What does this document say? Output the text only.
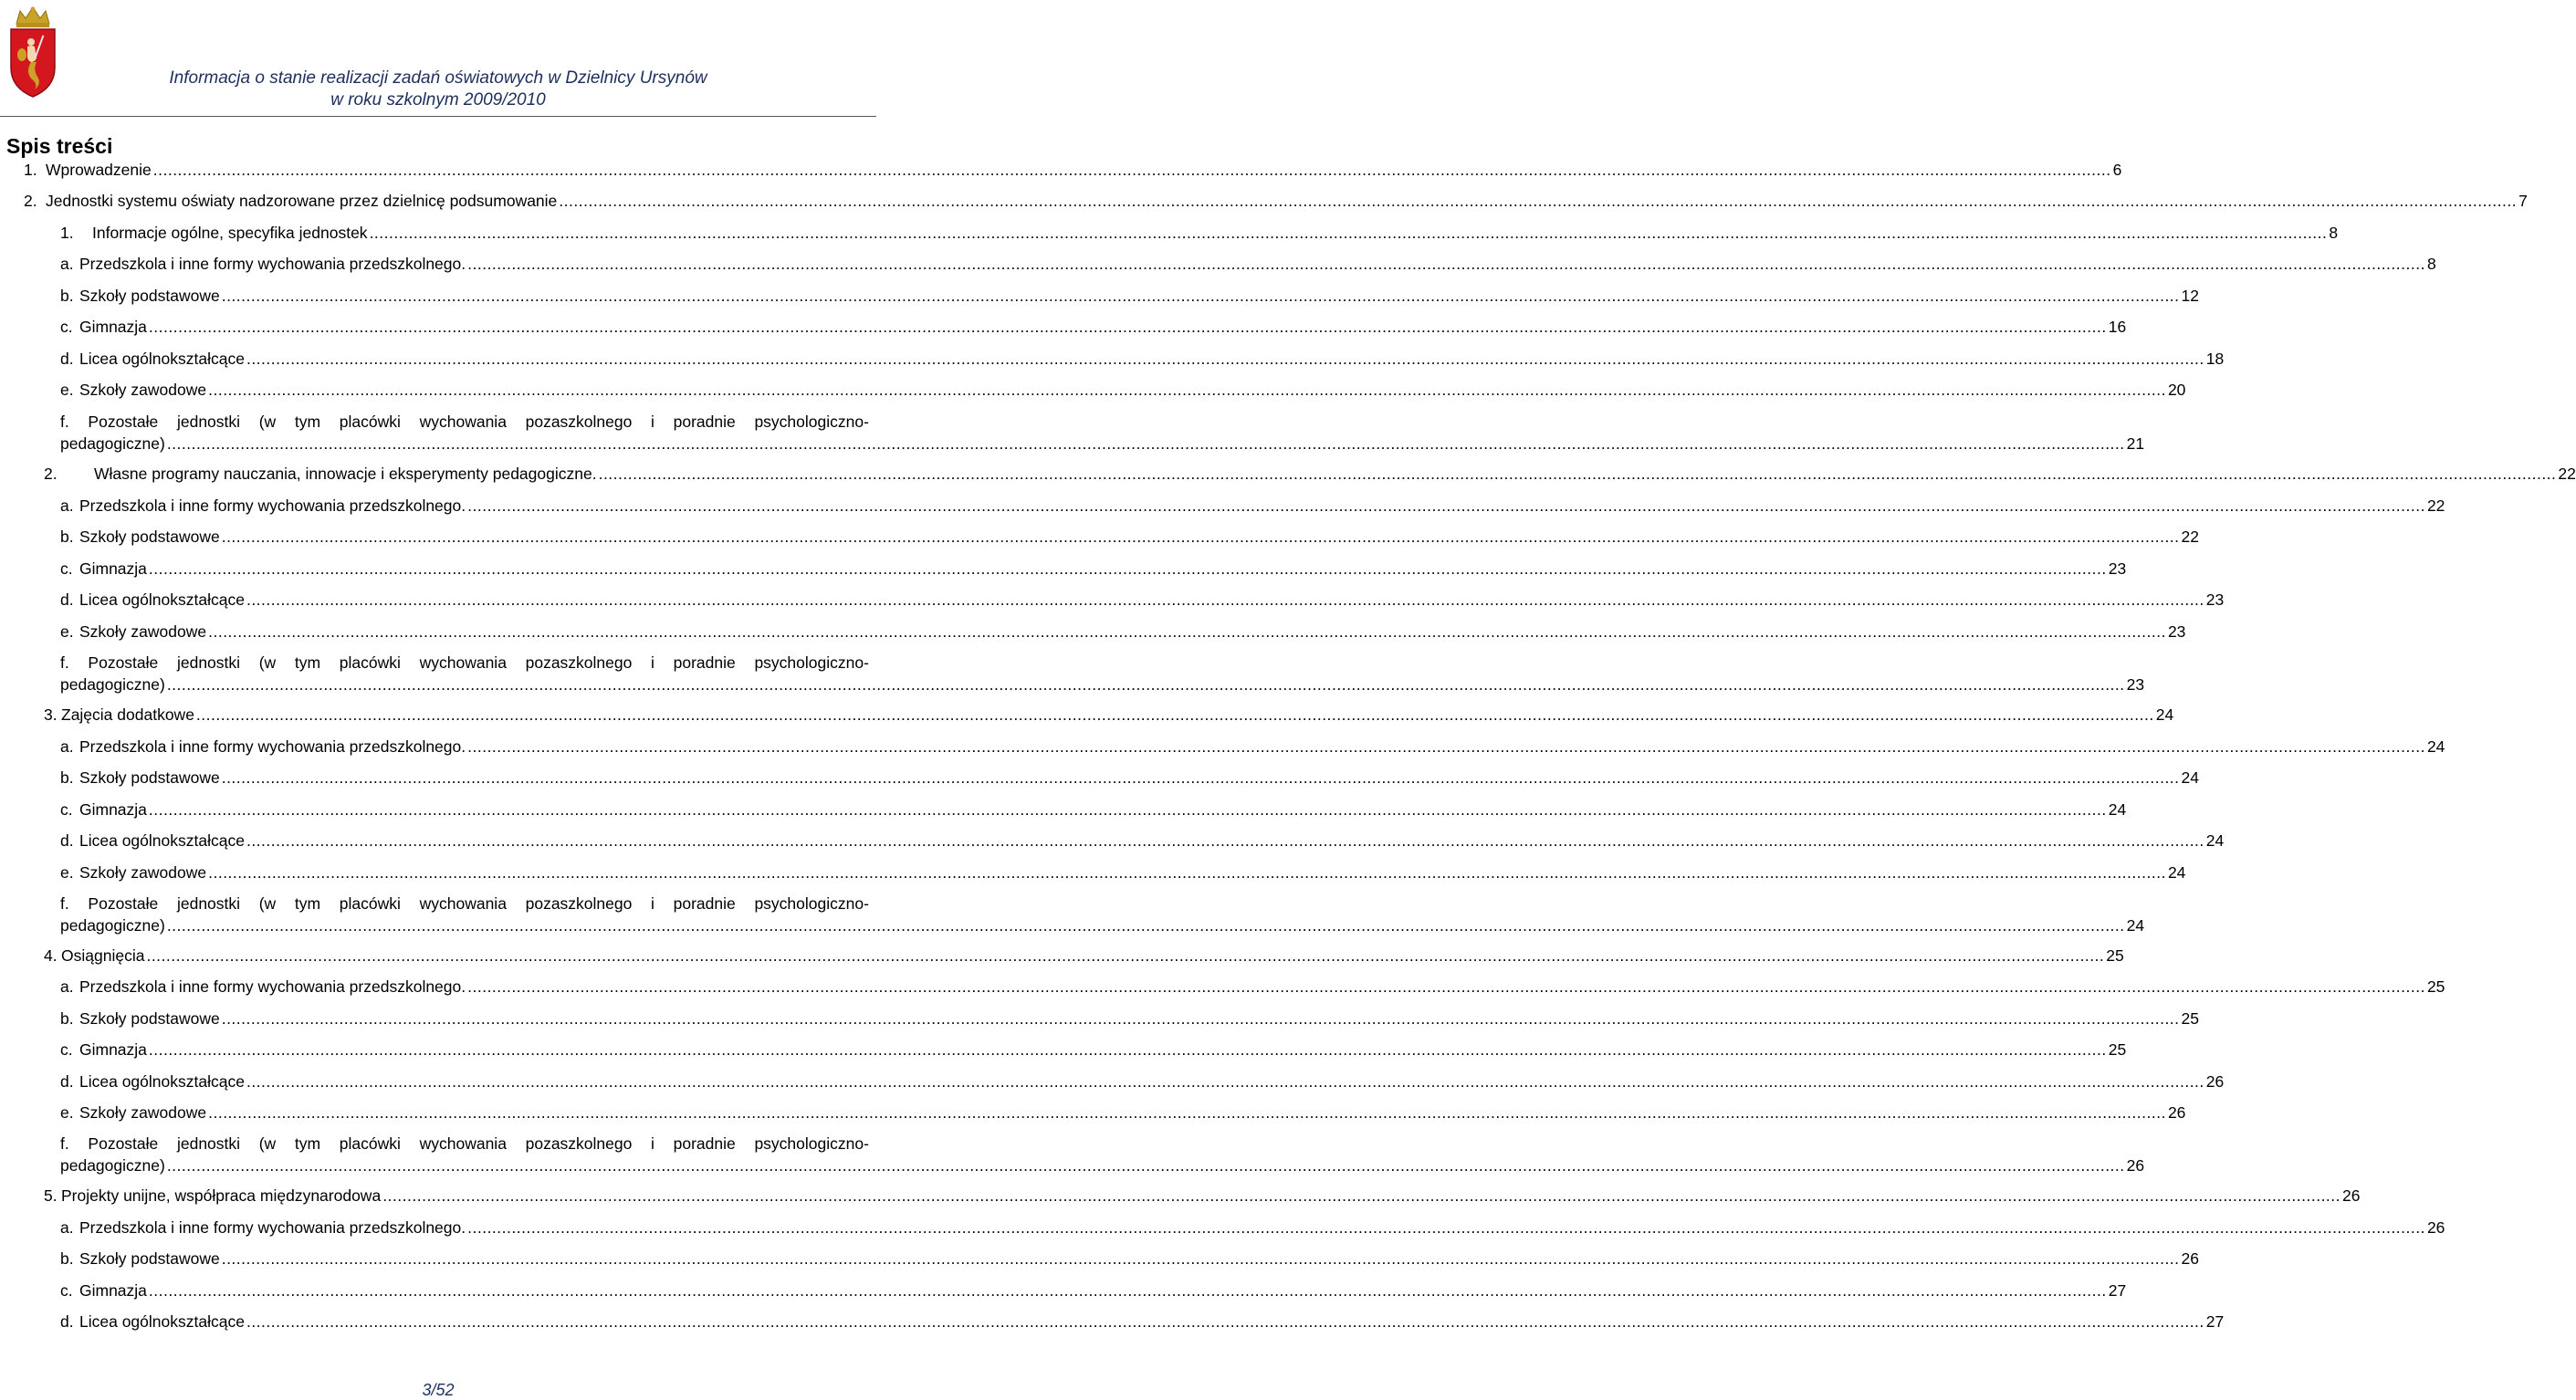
Informacja o stanie realizacji zadań oświatowych w Dzielnicy Ursynów
w roku szkolnym 2009/2010
Spis treści
1. Wprowadzenie ................................................................................................................................................................................................................................................................................................................................................................................................................ 6
2. Jednostki systemu oświaty nadzorowane przez dzielnicę podsumowanie ................................................................................................................................................................................................................................................................................................................................................................................................................ 7
1.	Informacje ogólne, specyfika jednostek ................................................................................................................................................................................................................................................................................................................................................................................................................ 8
a. Przedszkola i inne formy wychowania przedszkolnego. ................................................................................................................................................................................................................................................................................................................................................................................................................ 8
b. Szkoły podstawowe ................................................................................................................................................................................................................................................................................................................................................................................................................ 12
c. Gimnazja ................................................................................................................................................................................................................................................................................................................................................................................................................ 16
d. Licea ogólnokształcące ................................................................................................................................................................................................................................................................................................................................................................................................................ 18
e. Szkoły zawodowe ................................................................................................................................................................................................................................................................................................................................................................................................................ 20
f. Pozostałe jednostki (w tym placówki wychowania pozaszkolnego i poradnie psychologiczno-
pedagogiczne) ................................................................................................................................................................................................................................................................................................................................................................................................................ 21
2.	Własne programy nauczania, innowacje i eksperymenty pedagogiczne. ................................................................................................................................................................................................................................................................................................................................................................................................................ 22
a. Przedszkola i inne formy wychowania przedszkolnego. ................................................................................................................................................................................................................................................................................................................................................................................................................ 22
b. Szkoły podstawowe ................................................................................................................................................................................................................................................................................................................................................................................................................ 22
c. Gimnazja ................................................................................................................................................................................................................................................................................................................................................................................................................ 23
d. Licea ogólnokształcące ................................................................................................................................................................................................................................................................................................................................................................................................................ 23
e. Szkoły zawodowe ................................................................................................................................................................................................................................................................................................................................................................................................................ 23
f. Pozostałe jednostki (w tym placówki wychowania pozaszkolnego i poradnie psychologiczno-
pedagogiczne) ................................................................................................................................................................................................................................................................................................................................................................................................................ 23
3. Zajęcia dodatkowe ................................................................................................................................................................................................................................................................................................................................................................................................................ 24
a. Przedszkola i inne formy wychowania przedszkolnego. ................................................................................................................................................................................................................................................................................................................................................................................................................ 24
b. Szkoły podstawowe ................................................................................................................................................................................................................................................................................................................................................................................................................ 24
c. Gimnazja ................................................................................................................................................................................................................................................................................................................................................................................................................ 24
d. Licea ogólnokształcące ................................................................................................................................................................................................................................................................................................................................................................................................................ 24
e. Szkoły zawodowe ................................................................................................................................................................................................................................................................................................................................................................................................................ 24
f. Pozostałe jednostki (w tym placówki wychowania pozaszkolnego i poradnie psychologiczno-
pedagogiczne) ................................................................................................................................................................................................................................................................................................................................................................................................................ 24
4. Osiągnięcia ................................................................................................................................................................................................................................................................................................................................................................................................................ 25
a. Przedszkola i inne formy wychowania przedszkolnego. ................................................................................................................................................................................................................................................................................................................................................................................................................ 25
b. Szkoły podstawowe ................................................................................................................................................................................................................................................................................................................................................................................................................ 25
c. Gimnazja ................................................................................................................................................................................................................................................................................................................................................................................................................ 25
d. Licea ogólnokształcące ................................................................................................................................................................................................................................................................................................................................................................................................................ 26
e. Szkoły zawodowe ................................................................................................................................................................................................................................................................................................................................................................................................................ 26
f. Pozostałe jednostki (w tym placówki wychowania pozaszkolnego i poradnie psychologiczno-
pedagogiczne) ................................................................................................................................................................................................................................................................................................................................................................................................................ 26
5. Projekty unijne, współpraca międzynarodowa ................................................................................................................................................................................................................................................................................................................................................................................................................ 26
a. Przedszkola i inne formy wychowania przedszkolnego. ................................................................................................................................................................................................................................................................................................................................................................................................................ 26
b. Szkoły podstawowe ................................................................................................................................................................................................................................................................................................................................................................................................................ 26
c. Gimnazja ................................................................................................................................................................................................................................................................................................................................................................................................................ 27
d. Licea ogólnokształcące ................................................................................................................................................................................................................................................................................................................................................................................................................ 27
3/52
